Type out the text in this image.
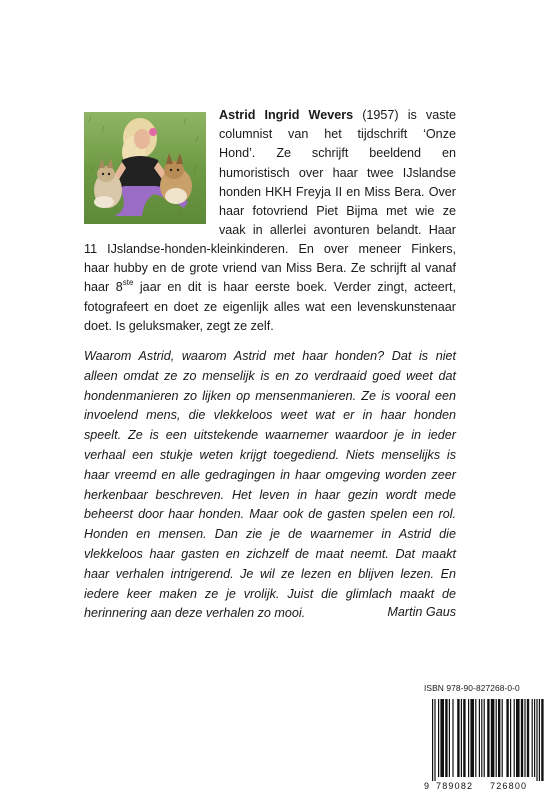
Astrid Ingrid Wevers (1957) is vaste
columnist van het tijdschrift ‘Onze
Hond’. Ze schrijft beeldend en
humoristisch over haar twee IJslandse
honden HKH Freyja II en Miss Bera. Over
haar fotovriend Piet Bijma met wie ze
vaak in allerlei avonturen belandt. Haar

11 IJslandse-honden-kleinkinderen. En over meneer Finkers,
haar hubby en de grote vriend van Miss Bera. Ze schrijft al vanaf
haar 8ste jaar en dit is haar eerste boek. Verder zingt, acteert,
fotografeert en doet ze eigenlijk alles wat een levenskunstenaar
doet. Is geluksmaker, zegt ze zelf.

Waarom Astrid, waarom Astrid met haar honden? Dat is niet
alleen omdat ze zo menselijk is en zo verdraaid goed weet dat
hondenmanieren zo lijken op mensenmanieren. Ze is vooral een
invoelend mens, die vlekkeloos weet wat er in haar honden
speelt. Ze is een uitstekende waarnemer waardoor je in ieder
verhaal een stukje weten krijgt toegediend. Niets menselijks is
haar vreemd en alle gedragingen in haar omgeving worden zeer
herkenbaar beschreven. Het leven in haar gezin wordt mede
beheerst door haar honden. Maar ook de gasten spelen een rol.
Honden en mensen. Dan zie je de waarnemer in Astrid die
vlekkeloos haar gasten en zichzelf de maat neemt. Dat maakt
haar verhalen intrigerend. Je wil ze lezen en blijven lezen. En
iedere keer maken ze je vrolijk. Juist die glimlach maakt de
herinnering aan deze verhalen zo mooi.	Martin Gaus
ISBN 978-90-827268-0-0
9 789082 726800
